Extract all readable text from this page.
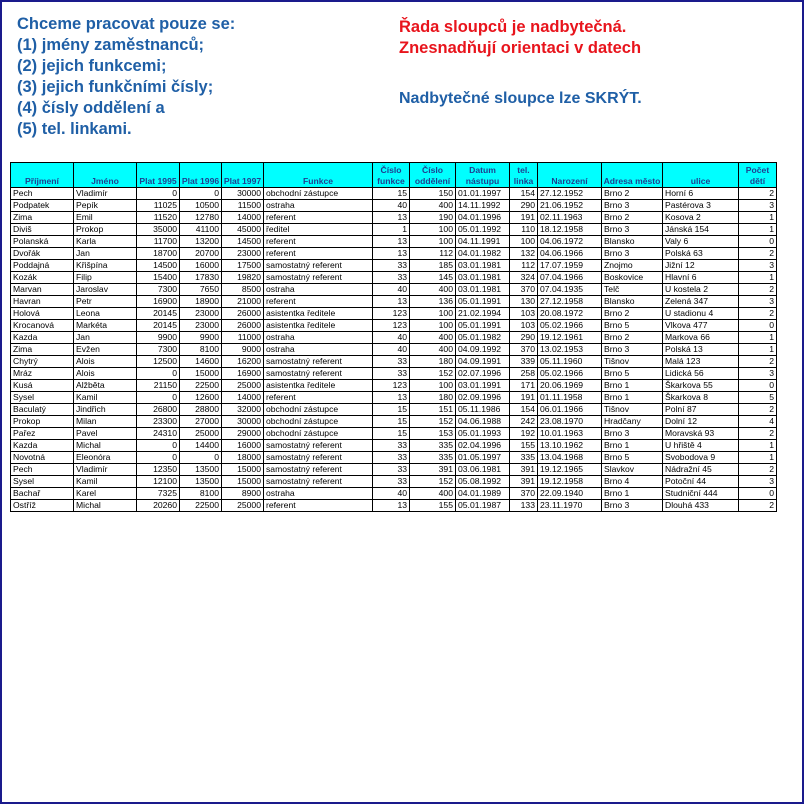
Chceme pracovat pouze se:
(1) jmény zaměstnanců;
(2) jejich funkcemi;
(3) jejich funkčními čísly;
(4) čísly oddělení a
(5) tel. linkami.
Řada sloupců je nadbytečná.
Znesnadňují orientaci v datech
Nadbytečné sloupce lze SKRÝT.
Příjmení	Jméno	Plat 1995	Plat 1996	Plat 1997	Funkce	Číslo funkce	Číslo oddělení	Datum nástupu	tel. linka	Narození	Adresa město	ulice	Počet dětí
Pech	Vladimír	0	0	30000	obchodní zástupce	15	150	01.01.1997	154	27.12.1952	Brno 2	Horní 6	2
Podpatek	Pepík	11025	10500	11500	ostraha	40	400	14.11.1992	290	21.06.1952	Brno 3	Pastérova 3	3
Zima	Emil	11520	12780	14000	referent	13	190	04.01.1996	191	02.11.1963	Brno 2	Kosova 2	1
Diviš	Prokop	35000	41100	45000	ředitel	1	100	05.01.1992	110	18.12.1958	Brno 3	Jánská 154	1
Polanská	Karla	11700	13200	14500	referent	13	100	04.11.1991	100	04.06.1972	Blansko	Valy 6	0
Dvořák	Jan	18700	20700	23000	referent	13	112	04.01.1982	132	04.06.1966	Brno 3	Polská 63	2
Poddajná	Křišpína	14500	16000	17500	samostatný referent	33	185	03.01.1981	112	17.07.1959	Znojmo	Jižní 12	3
Kozák	Filip	15400	17830	19820	samostatný referent	33	145	03.01.1981	324	07.04.1966	Boskovice	Hlavní 6	1
Marvan	Jaroslav	7300	7650	8500	ostraha	40	400	03.01.1981	370	07.04.1935	Telč	U kostela 2	2
Havran	Petr	16900	18900	21000	referent	13	136	05.01.1991	130	27.12.1958	Blansko	Zelená 347	3
Holová	Leona	20145	23000	26000	asistentka ředitele	123	100	21.02.1994	103	20.08.1972	Brno 2	U stadionu 4	2
Krocanová	Markéta	20145	23000	26000	asistentka ředitele	123	100	05.01.1991	103	05.02.1966	Brno 5	Vlkova 477	0
Kazda	Jan	9900	9900	11000	ostraha	40	400	05.01.1982	290	19.12.1961	Brno 2	Markova 66	1
Zima	Evžen	7300	8100	9000	ostraha	40	400	04.09.1992	370	13.02.1953	Brno 3	Polská 13	1
Chytrý	Alois	12500	14600	16200	samostatný referent	33	180	04.09.1991	339	05.11.1960	Tišnov	Malá 123	2
Mráz	Alois	0	15000	16900	samostatný referent	33	152	02.07.1996	258	05.02.1966	Brno 5	Lidická 56	3
Kusá	Alžběta	21150	22500	25000	asistentka ředitele	123	100	03.01.1991	171	20.06.1969	Brno 1	Škarkova 55	0
Sysel	Kamil	0	12600	14000	referent	13	180	02.09.1996	191	01.11.1958	Brno 1	Škarkova 8	5
Baculatý	Jindřich	26800	28800	32000	obchodní zástupce	15	151	05.11.1986	154	06.01.1966	Tišnov	Polní 87	2
Prokop	Milan	23300	27000	30000	obchodní zástupce	15	152	04.06.1988	242	23.08.1970	Hradčany	Dolní 12	4
Pařez	Pavel	24310	25000	29000	obchodní zástupce	15	153	05.01.1993	192	10.01.1963	Brno 3	Moravská 93	2
Kazda	Michal	0	14400	16000	samostatný referent	33	335	02.04.1996	155	13.10.1962	Brno 1	U hřiště 4	1
Novotná	Eleonóra	0	0	18000	samostatný referent	33	335	01.05.1997	335	13.04.1968	Brno 5	Svobodova 9	1
Pech	Vladimír	12350	13500	15000	samostatný referent	33	391	03.06.1981	391	19.12.1965	Slavkov	Nádražní 45	2
Sysel	Kamil	12100	13500	15000	samostatný referent	33	152	05.08.1992	391	19.12.1958	Brno 4	Potoční 44	3
Bachař	Karel	7325	8100	8900	ostraha	40	400	04.01.1989	370	22.09.1940	Brno 1	Studniční 444	0
Ostříž	Michal	20260	22500	25000	referent	13	155	05.01.1987	133	23.11.1970	Brno 3	Dlouhá 433	2
